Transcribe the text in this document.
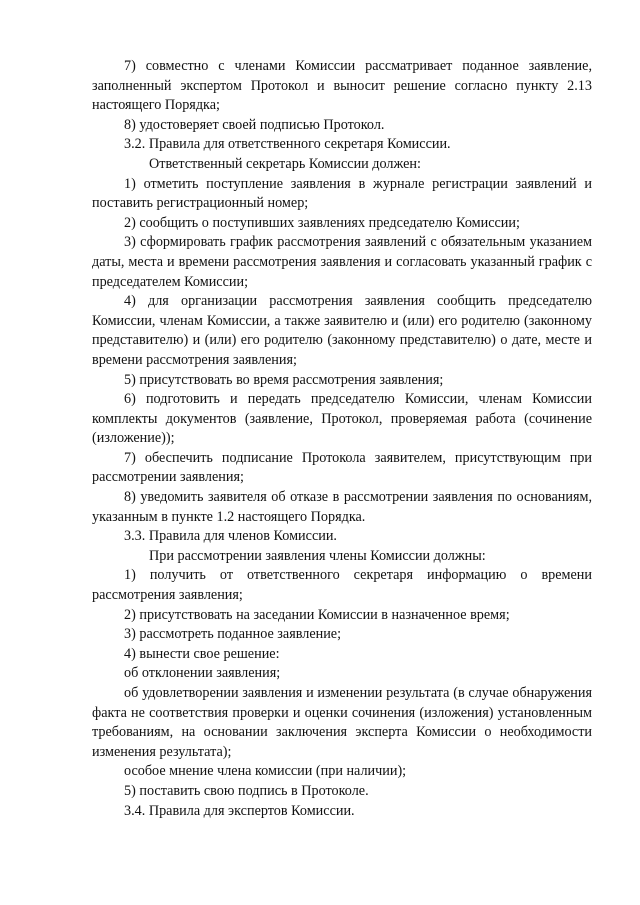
7) совместно с членами Комиссии рассматривает поданное заявление, заполненный экспертом Протокол и выносит решение согласно пункту 2.13 настоящего Порядка;

8) удостоверяет своей подписью Протокол.

3.2. Правила для ответственного секретаря Комиссии.

Ответственный секретарь Комиссии должен:

1) отметить поступление заявления в журнале регистрации заявлений и поставить регистрационный номер;

2) сообщить о поступивших заявлениях председателю Комиссии;

3) сформировать график рассмотрения заявлений с обязательным указанием даты, места и времени рассмотрения заявления и согласовать указанный график с председателем Комиссии;

4) для организации рассмотрения заявления сообщить председателю Комиссии, членам Комиссии, а также заявителю и (или) его родителю (законному представителю) и (или) его родителю (законному представителю) о дате, месте и времени рассмотрения заявления;

5) присутствовать во время рассмотрения заявления;

6) подготовить и передать председателю Комиссии, членам Комиссии комплекты документов (заявление, Протокол, проверяемая работа (сочинение (изложение));

7) обеспечить подписание Протокола заявителем, присутствующим при рассмотрении заявления;

8) уведомить заявителя об отказе в рассмотрении заявления по основаниям, указанным в пункте 1.2 настоящего Порядка.

3.3. Правила для членов Комиссии.

При рассмотрении заявления члены Комиссии должны:

1) получить от ответственного секретаря информацию о времени рассмотрения заявления;

2) присутствовать на заседании Комиссии в назначенное время;

3) рассмотреть поданное заявление;

4) вынести свое решение:

об отклонении заявления;

об удовлетворении заявления и изменении результата (в случае обнаружения факта не соответствия проверки и оценки сочинения (изложения) установленным требованиям, на основании заключения эксперта Комиссии о необходимости изменения результата);

особое мнение члена комиссии (при наличии);

5) поставить свою подпись в Протоколе.

3.4. Правила для экспертов Комиссии.
